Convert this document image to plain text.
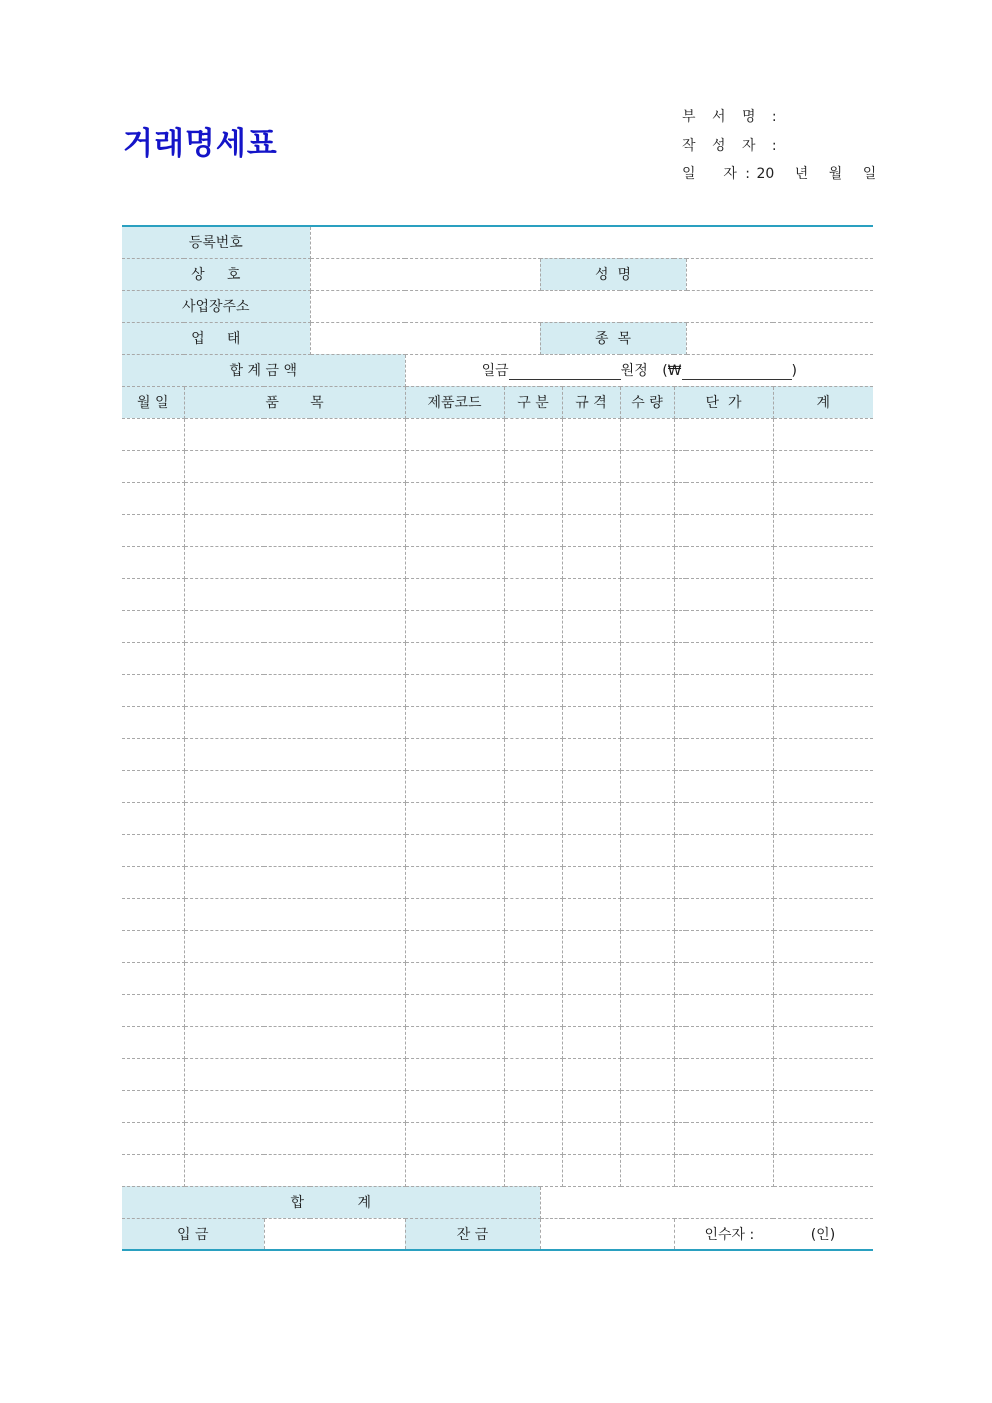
거래명세표
부 서 명 :
작 성 자 :
일    자 : 20 년 월 일
등록번호											
상     호						성  명					
사업장주소											
업     태						종  목					
합 계 금 액				일금 원정 (₩ )							
월 일	품       목			제품코드	구 분		규 격	수 량	단  가		계

합            계											
입 금				잔 금					인수자 : (인)		
